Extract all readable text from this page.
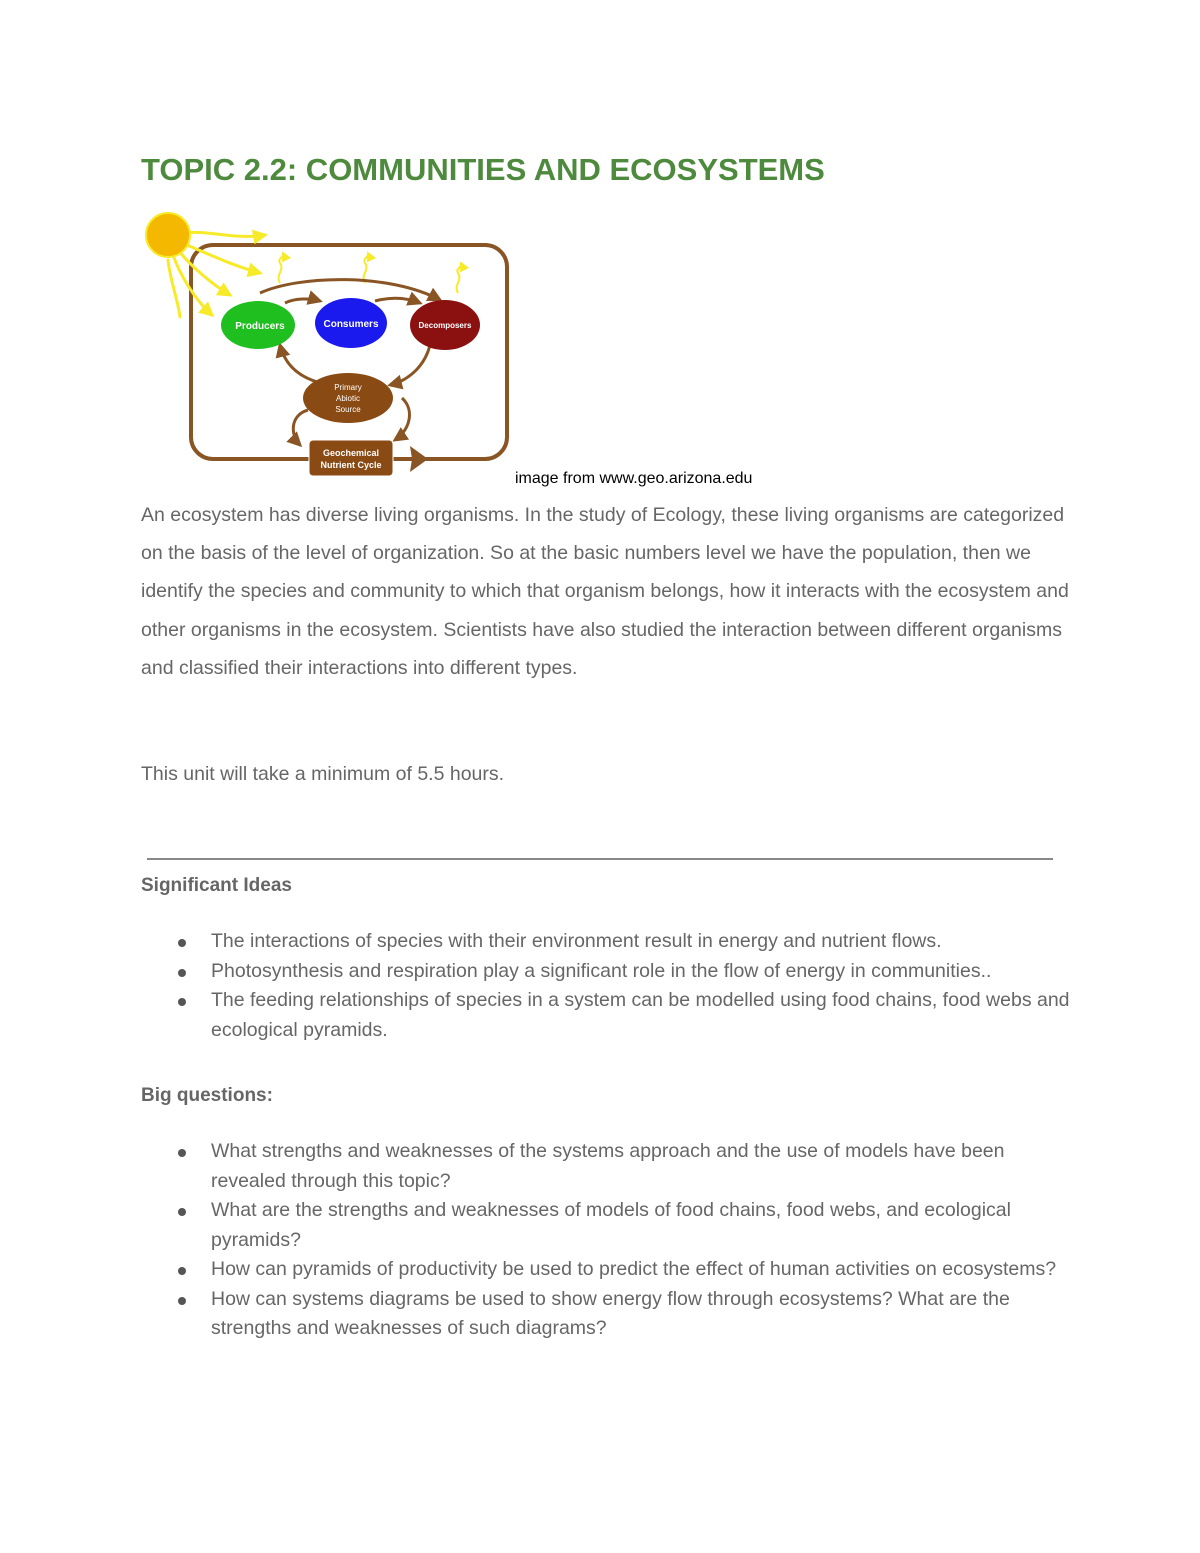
TOPIC 2.2: COMMUNITIES AND ECOSYSTEMS
Producers	Consumers	Decomposers
Primary
Abiotic
Source
Geochemical
Nutrient Cycle
image from www.geo.arizona.edu

An ecosystem has diverse living organisms. In the study of Ecology, these living organisms are categorized on the basis of the level of organization. So at the basic numbers level we have the population, then we identify the species and community to which that organism belongs, how it interacts with the ecosystem and other organisms in the ecosystem. Scientists have also studied the interaction between different organisms and classified their interactions into different types.

This unit will take a minimum of 5.5 hours.

Significant Ideas
The interactions of species with their environment result in energy and nutrient flows.
Photosynthesis and respiration play a significant role in the flow of energy in communities..
The feeding relationships of species in a system can be modelled using food chains, food webs and ecological pyramids.
Big questions:
What strengths and weaknesses of the systems approach and the use of models have been revealed through this topic?
What are the strengths and weaknesses of models of food chains, food webs, and ecological pyramids?
How can pyramids of productivity be used to predict the effect of human activities on ecosystems?
How can systems diagrams be used to show energy flow through ecosystems? What are the strengths and weaknesses of such diagrams?
